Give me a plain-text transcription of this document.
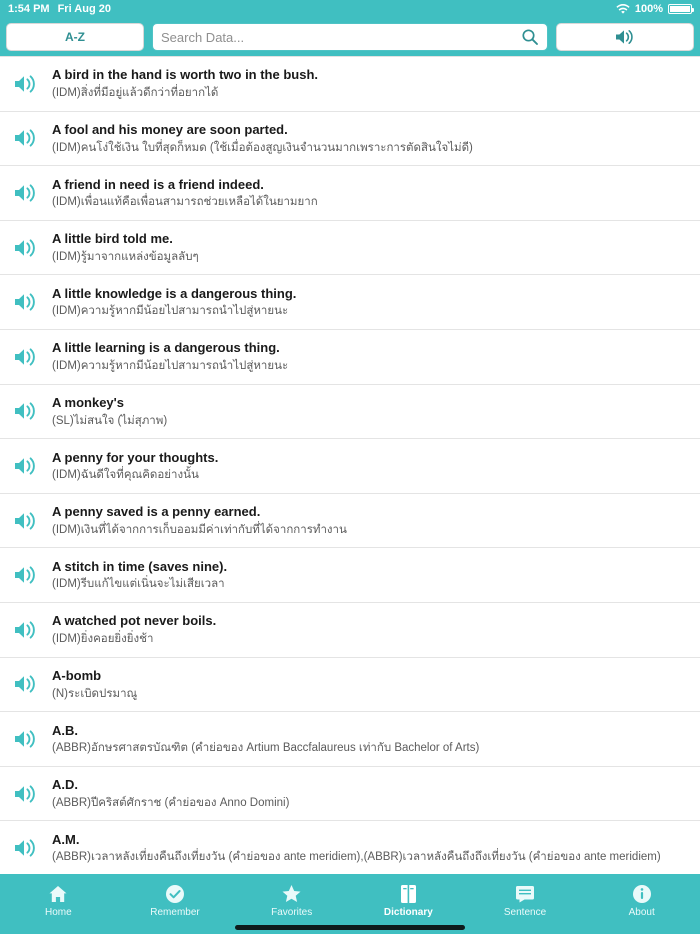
1:54 PM Fri Aug 20	100%
A-Z
Search Data...
A bird in the hand is worth two in the bush.
(IDM)สิ่งที่มีอยู่แล้วดีกว่าที่อยากได้
A fool and his money are soon parted.
(IDM)คนโง่ใช้เงิน ใบที่สุดก็หมด (ใช้เมื่อต้องสูญเงินจำนวนมากเพราะการตัดสินใจไม่ดี)
A friend in need is a friend indeed.
(IDM)เพื่อนแท้คือเพื่อนสามารถช่วยเหลือได้ในยามยาก
A little bird told me.
(IDM)รู้มาจากแหล่งข้อมูลลับๆ
A little knowledge is a dangerous thing.
(IDM)ความรู้หากมีน้อยไปสามารถนำไปสู่หายนะ
A little learning is a dangerous thing.
(IDM)ความรู้หากมีน้อยไปสามารถนำไปสู่หายนะ
A monkey's
(SL)ไม่สนใจ (ไม่สุภาพ)
A penny for your thoughts.
(IDM)ฉันดีใจที่คุณคิดอย่างนั้น
A penny saved is a penny earned.
(IDM)เงินที่ได้จากการเก็บออมมีค่าเท่ากับที่ได้จากการทำงาน
A stitch in time (saves nine).
(IDM)รีบแก้ไขแต่เนิ่นจะไม่เสียเวลา
A watched pot never boils.
(IDM)ยิ่งคอยยิ่งยิ่งช้า
A-bomb
(N)ระเบิดปรมาณู
A.B.
(ABBR)อักษรศาสตรบัณฑิต (คำย่อของ Artium Baccfalaureus เท่ากับ Bachelor of Arts)
A.D.
(ABBR)ปีคริสต์ศักราช (คำย่อของ Anno Domini)
A.M.
(ABBR)เวลาหลังเที่ยงคืนถึงเที่ยงวัน (คำย่อของ ante meridiem),(ABBR)เวลาหลังคืนถึงถึงเที่ยงวัน (คำย่อของ ante meridiem)
Home	Remember	Favorites	Dictionary	Sentence	About
